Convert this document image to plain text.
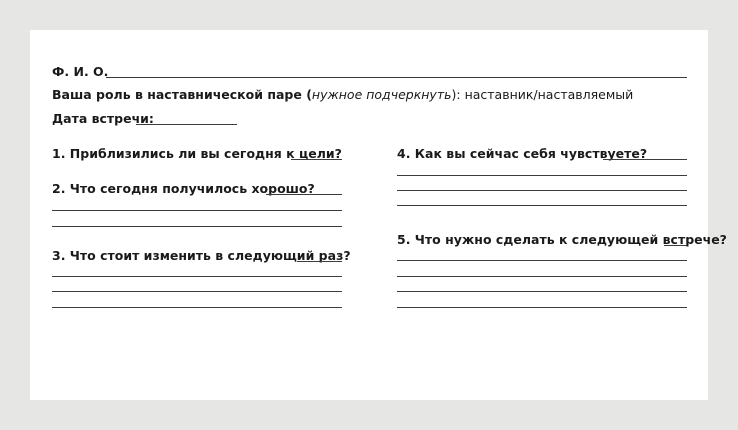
Ф. И. О.
Ваша роль в наставнической паре (нужное подчеркнуть): наставник/наставляемый
Дата встречи:
1. Приблизились ли вы сегодня к цели?
2. Что сегодня получилось хорошо?
3. Что стоит изменить в следующий раз?
4. Как вы сейчас себя чувствуете?
5. Что нужно сделать к следующей встрече?
